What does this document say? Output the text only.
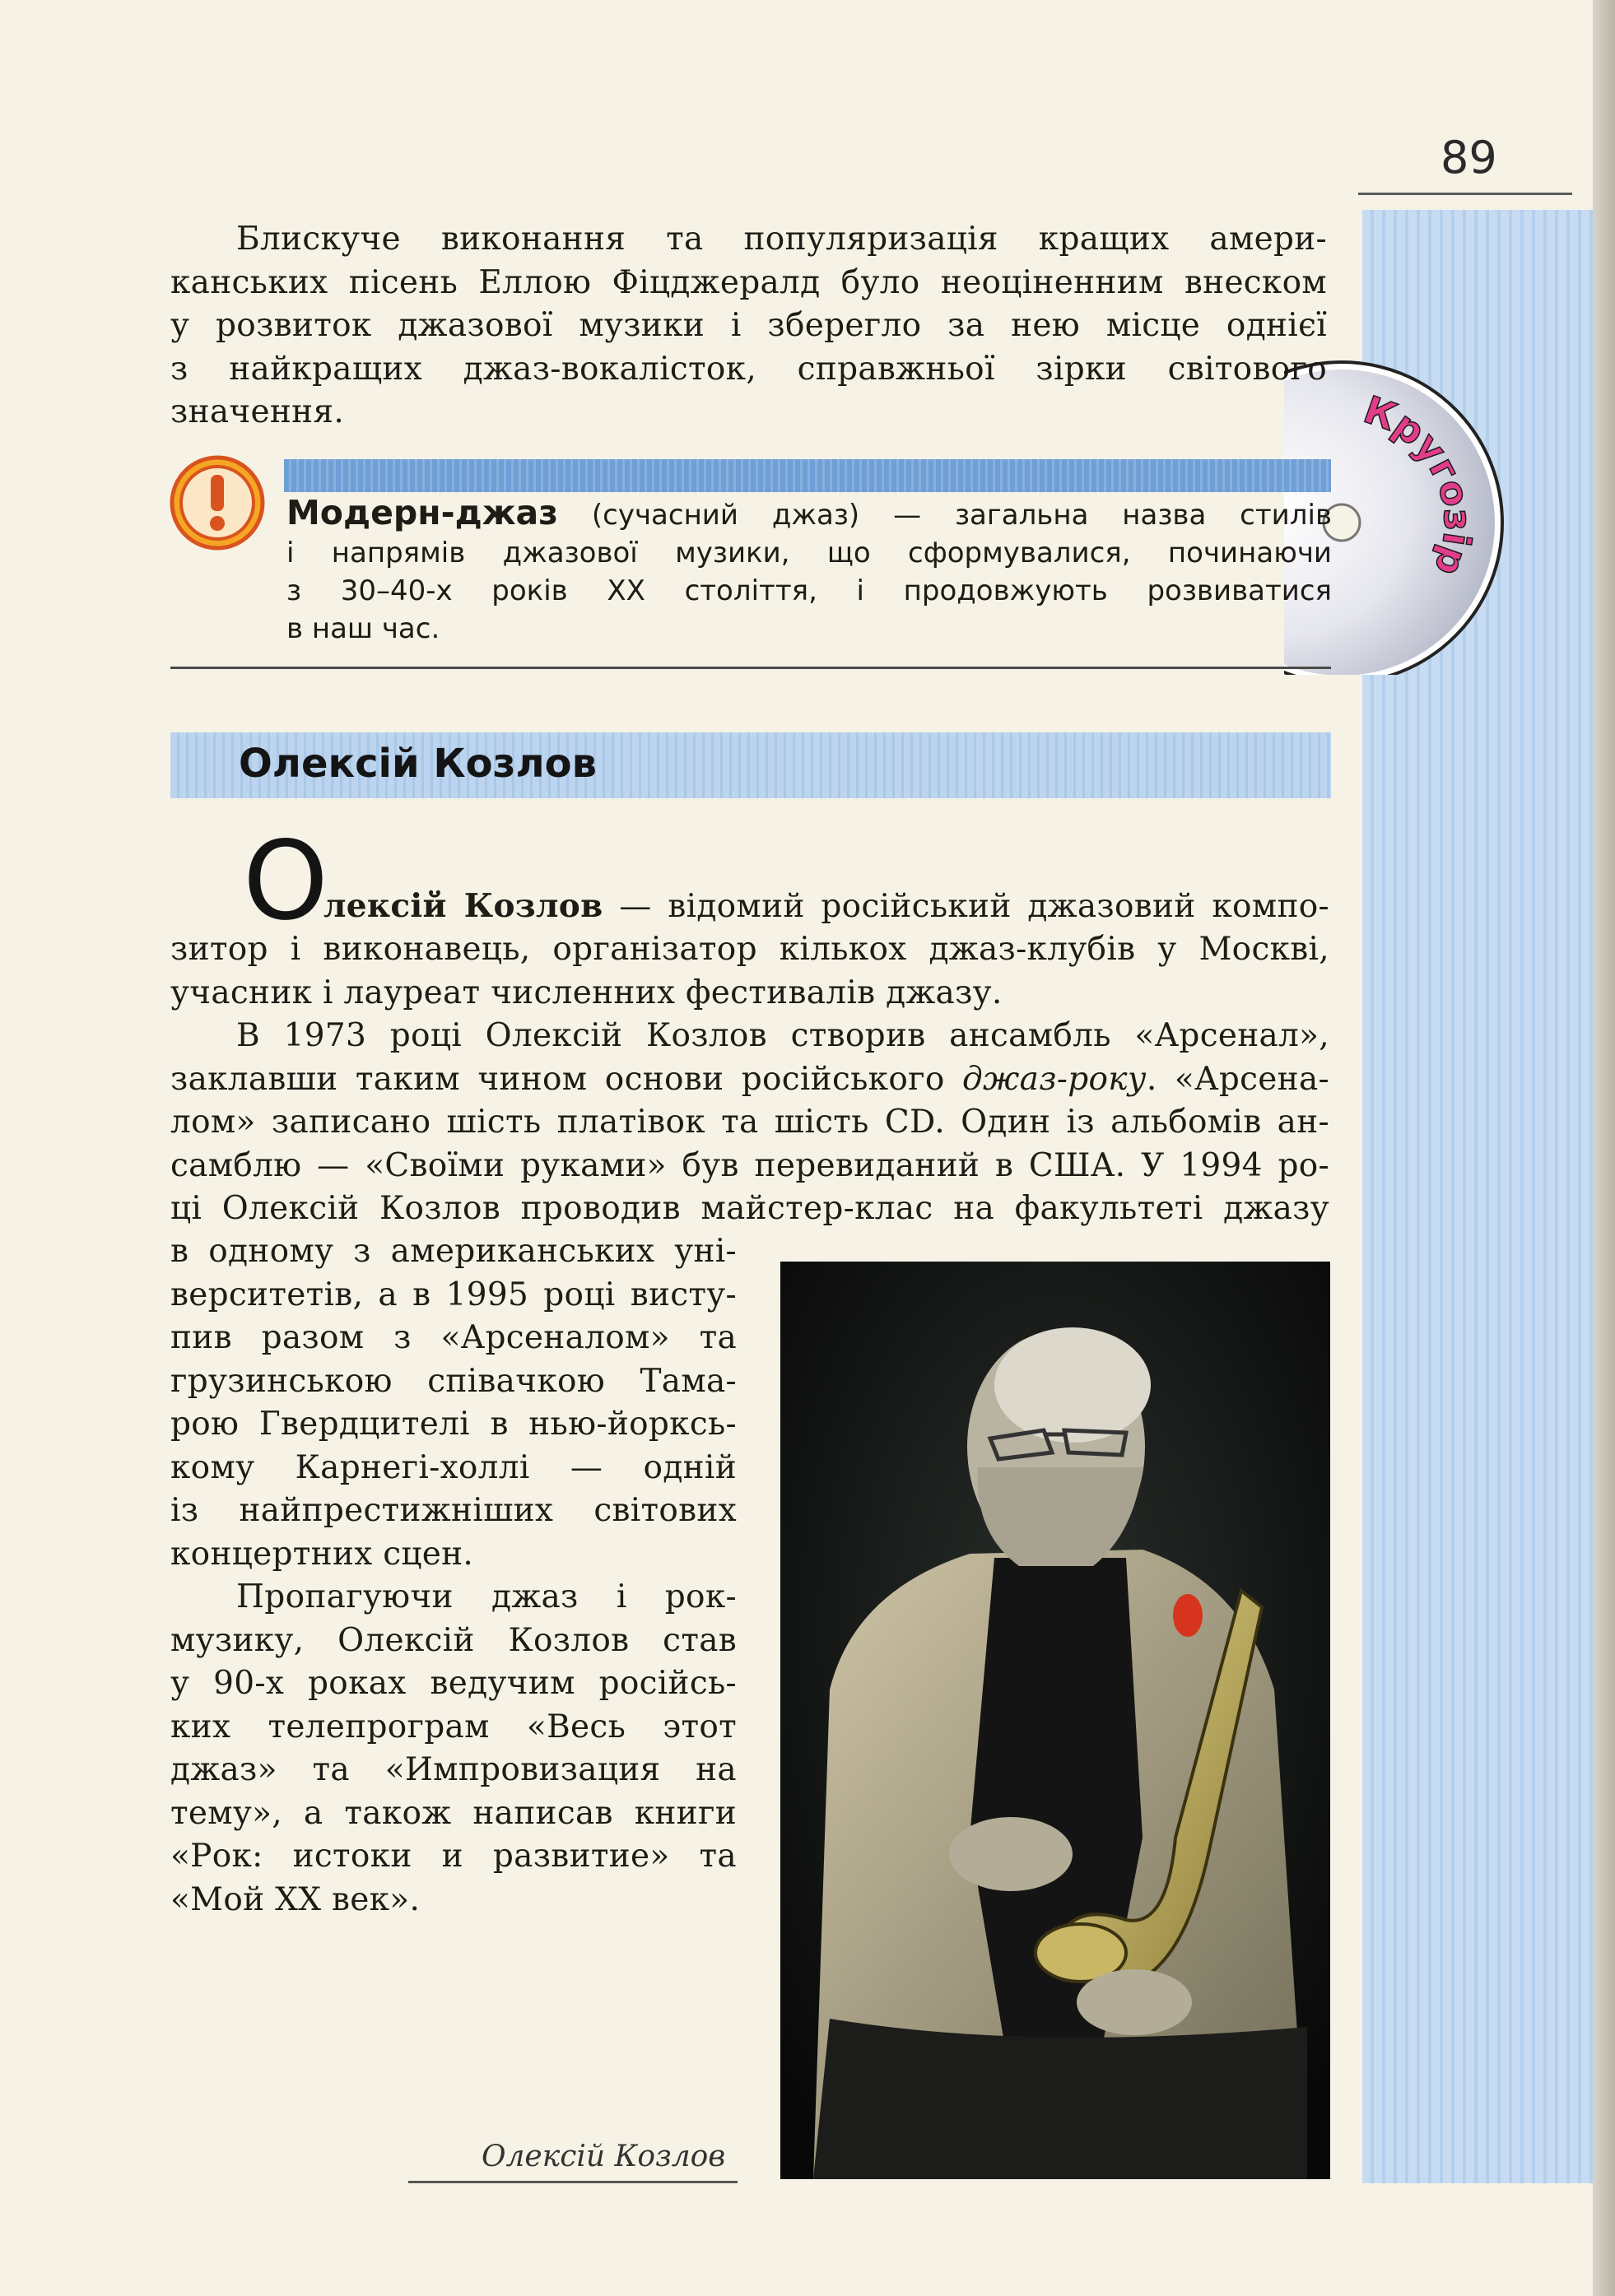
89
Кругозір
Блискуче виконання та популяризація кращих амери-
канських пісень Еллою Фіцджералд було неоціненним внеском
у розвиток джазової музики і зберегло за нею місце однієї
з найкращих джаз-вокалісток, справжньої зірки світового
значення.
Модерн-джаз (сучасний джаз) — загальна назва стилів
і напрямів джазової музики, що сформувалися, починаючи
з 30–40-х років XX століття, і продовжують розвиватися
в наш час.
Олексій Козлов
О
лексій Козлов — відомий російський джазовий компо-
зитор і виконавець, організатор кількох джаз-клубів у Москві,
учасник і лауреат численних фестивалів джазу.
В 1973 році Олексій Козлов створив ансамбль «Арсенал»,
заклавши таким чином основи російського джаз-року. «Арсена-
лом» записано шість платівок та шість CD. Один із альбомів ан-
самблю — «Своїми руками» був перевиданий в США. У 1994 ро-
ці Олексій Козлов проводив майстер-клас на факультеті джазу
в одному з американських уні-
верситетів, а в 1995 році висту-
пив разом з «Арсеналом» та
грузинською співачкою Тама-
рою Гвердцителі в нью-йорксь-
кому Карнегі-холлі — одній
із найпрестижніших світових
концертних сцен.
Пропагуючи джаз і рок-
музику, Олексій Козлов став
у 90-х роках ведучим російсь-
ких телепрограм «Весь этот
джаз» та «Импровизация на
тему», а також написав книги
«Рок: истоки и развитие» та
«Мой XX век».
Олексій Козлов
